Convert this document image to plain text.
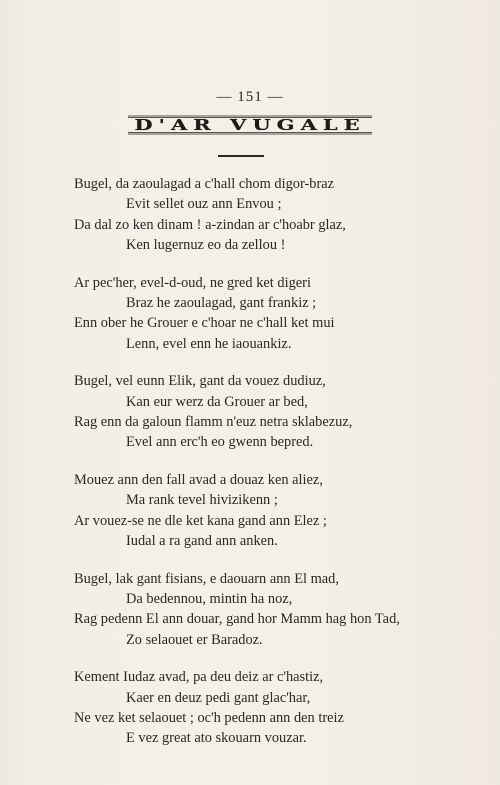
— 151 —
D'AR VUGALE
Bugel, da zaoulagad a c'hall chom digor-braz
Evit sellet ouz ann Envou ;
Da dal zo ken dinam ! a-zindan ar c'hoabr glaz,
Ken lugernuz eo da zellou !
Ar pec'her, evel-d-oud, ne gred ket digeri
Braz he zaoulagad, gant frankiz ;
Enn ober he Grouer e c'hoar ne c'hall ket mui
Lenn, evel enn he iaouankiz.
Bugel, vel eunn Elik, gant da vouez dudiuz,
Kan eur werz da Grouer ar bed,
Rag enn da galoun flamm n'euz netra sklabezuz,
Evel ann erc'h eo gwenn bepred.
Mouez ann den fall avad a douaz ken aliez,
Ma rank tevel hivizikenn ;
Ar vouez-se ne dle ket kana gand ann Elez ;
Iudal a ra gand ann anken.
Bugel, lak gant fisians, e daouarn ann El mad,
Da bedennou, mintin ha noz,
Rag pedenn El ann douar, gand hor Mamm hag hon Tad,
Zo selaouet er Baradoz.
Kement Iudaz avad, pa deu deiz ar c'hastiz,
Kaer en deuz pedi gant glac'har,
Ne vez ket selaouet ; oc'h pedenn ann den treiz
E vez great ato skouarn vouzar.
